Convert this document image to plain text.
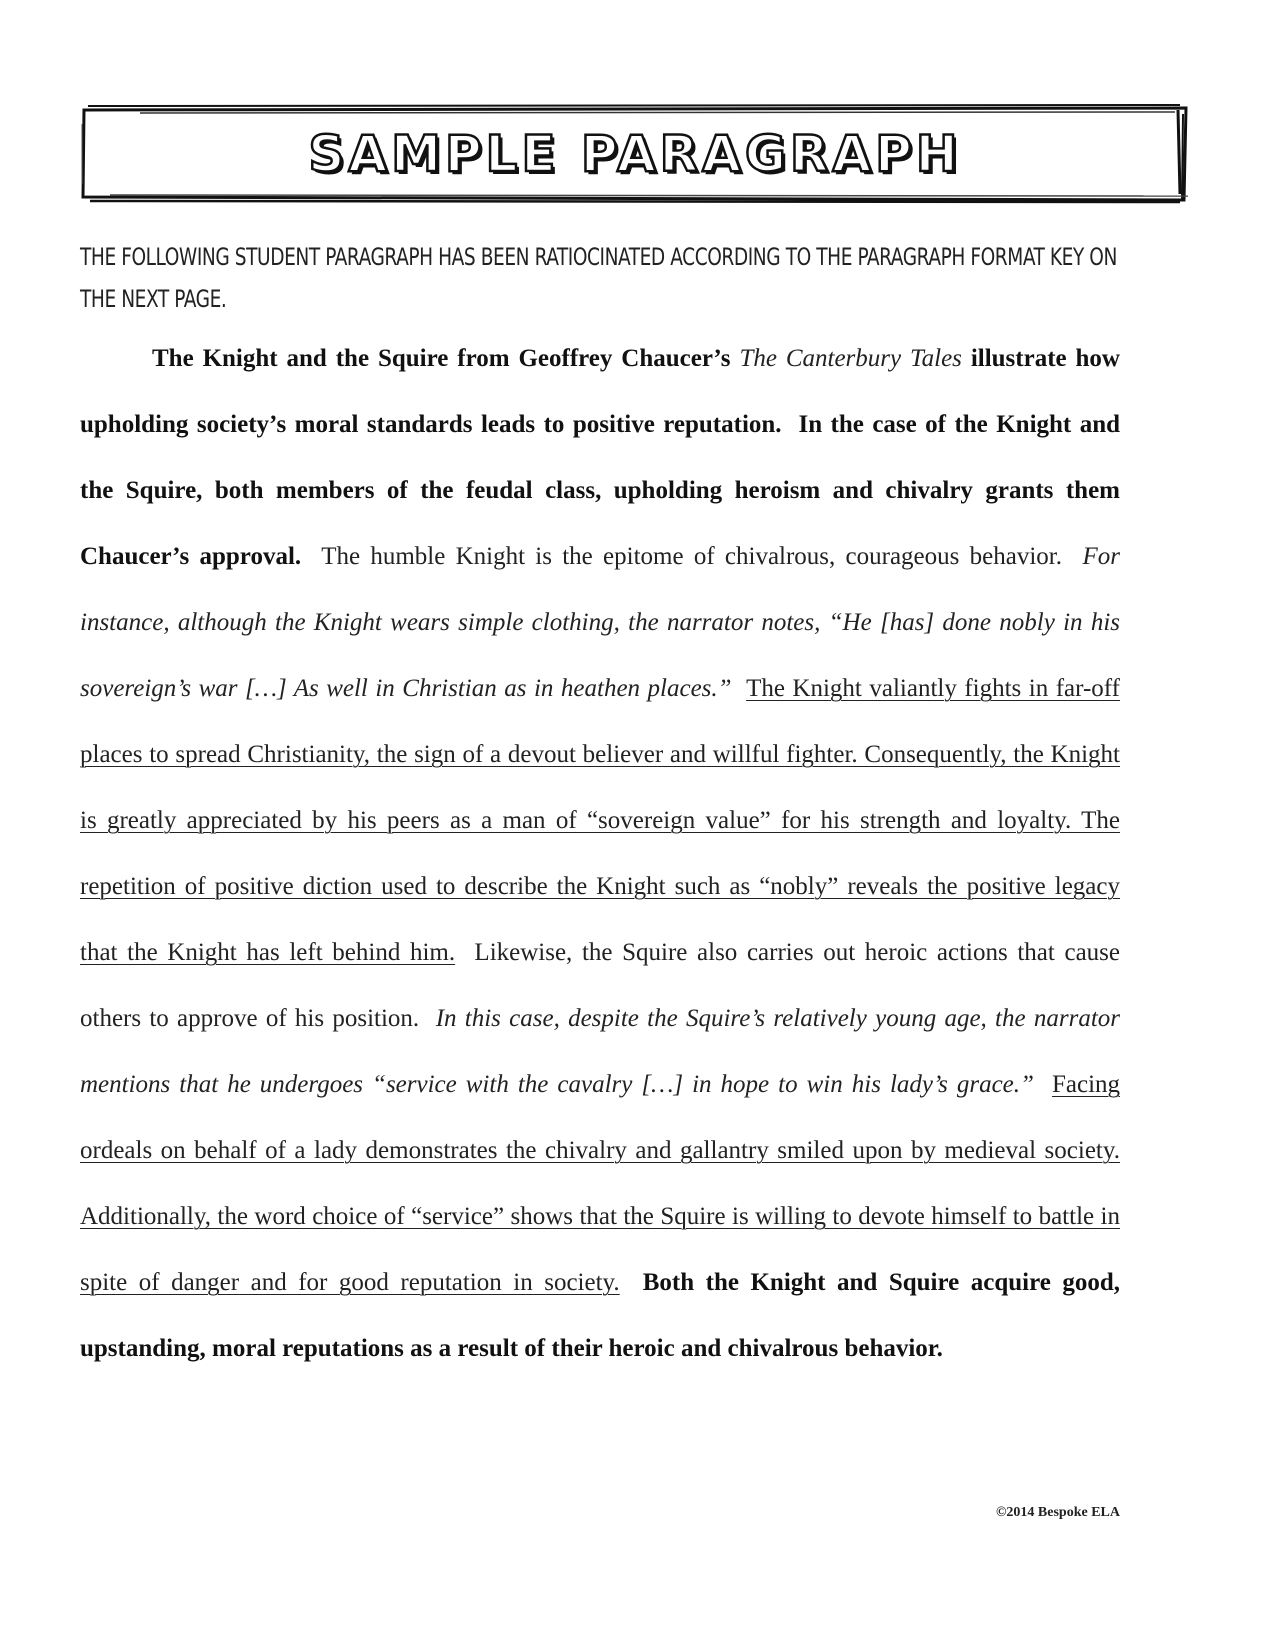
SAMPLE PARAGRAPH
THE FOLLOWING STUDENT PARAGRAPH HAS BEEN RATIOCINATED ACCORDING TO THE PARAGRAPH FORMAT KEY ON THE NEXT PAGE.
The Knight and the Squire from Geoffrey Chaucer’s The Canterbury Tales illustrate how upholding society’s moral standards leads to positive reputation. In the case of the Knight and the Squire, both members of the feudal class, upholding heroism and chivalry grants them Chaucer’s approval. The humble Knight is the epitome of chivalrous, courageous behavior. For instance, although the Knight wears simple clothing, the narrator notes, “He [has] done nobly in his sovereign’s war […] As well in Christian as in heathen places.” The Knight valiantly fights in far-off places to spread Christianity, the sign of a devout believer and willful fighter. Consequently, the Knight is greatly appreciated by his peers as a man of “sovereign value” for his strength and loyalty. The repetition of positive diction used to describe the Knight such as “nobly” reveals the positive legacy that the Knight has left behind him. Likewise, the Squire also carries out heroic actions that cause others to approve of his position. In this case, despite the Squire’s relatively young age, the narrator mentions that he undergoes “service with the cavalry […] in hope to win his lady’s grace.” Facing ordeals on behalf of a lady demonstrates the chivalry and gallantry smiled upon by medieval society. Additionally, the word choice of “service” shows that the Squire is willing to devote himself to battle in spite of danger and for good reputation in society. Both the Knight and Squire acquire good, upstanding, moral reputations as a result of their heroic and chivalrous behavior.
©2014 Bespoke ELA
